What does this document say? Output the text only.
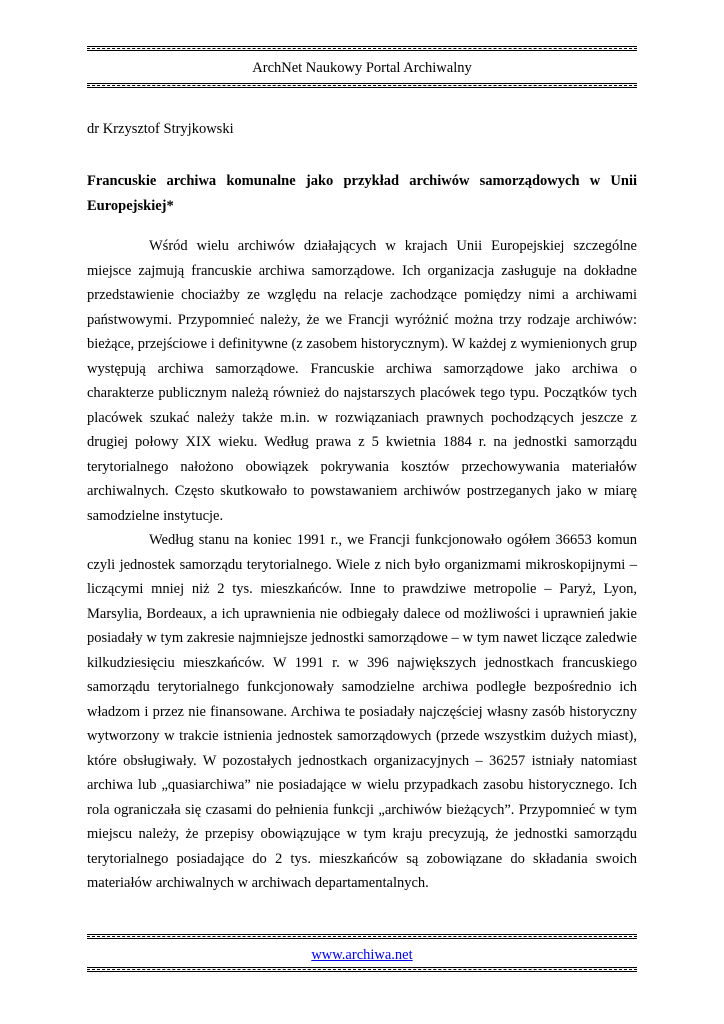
ArchNet Naukowy Portal Archiwalny
dr Krzysztof Stryjkowski
Francuskie archiwa komunalne jako przykład archiwów samorządowych w Unii Europejskiej*

Wśród wielu archiwów działających w krajach Unii Europejskiej szczególne miejsce zajmują francuskie archiwa samorządowe. Ich organizacja zasługuje na dokładne przedstawienie chociażby ze względu na relacje zachodzące pomiędzy nimi a archiwami państwowymi. Przypomnieć należy, że we Francji wyróżnić można trzy rodzaje archiwów: bieżące, przejściowe i definitywne (z zasobem historycznym). W każdej z wymienionych grup występują archiwa samorządowe. Francuskie archiwa samorządowe jako archiwa o charakterze publicznym należą również do najstarszych placówek tego typu. Początków tych placówek szukać należy także m.in. w rozwiązaniach prawnych pochodzących jeszcze z drugiej połowy XIX wieku. Według prawa z 5 kwietnia 1884 r. na jednostki samorządu terytorialnego nałożono obowiązek pokrywania kosztów przechowywania materiałów archiwalnych. Często skutkowało to powstawaniem archiwów postrzeganych jako w miarę samodzielne instytucje.

Według stanu na koniec 1991 r., we Francji funkcjonowało ogółem 36653 komun czyli jednostek samorządu terytorialnego. Wiele z nich było organizmami mikroskopijnymi – liczącymi mniej niż 2 tys. mieszkańców. Inne to prawdziwe metropolie – Paryż, Lyon, Marsylia, Bordeaux, a ich uprawnienia nie odbiegały dalece od możliwości i uprawnień jakie posiadały w tym zakresie najmniejsze jednostki samorządowe – w tym nawet liczące zaledwie kilkudziesięciu mieszkańców. W 1991 r. w 396 największych jednostkach francuskiego samorządu terytorialnego funkcjonowały samodzielne archiwa podległe bezpośrednio ich władzom i przez nie finansowane. Archiwa te posiadały najczęściej własny zasób historyczny wytworzony w trakcie istnienia jednostek samorządowych (przede wszystkim dużych miast), które obsługiwały. W pozostałych jednostkach organizacyjnych – 36257 istniały natomiast archiwa lub „quasiarchiwa” nie posiadające w wielu przypadkach zasobu historycznego. Ich rola ograniczała się czasami do pełnienia funkcji „archiwów bieżących”. Przypomnieć w tym miejscu należy, że przepisy obowiązujące w tym kraju precyzują, że jednostki samorządu terytorialnego posiadające do 2 tys. mieszkańców są zobowiązane do składania swoich materiałów archiwalnych w archiwach departamentalnych.

www.archiwa.net
